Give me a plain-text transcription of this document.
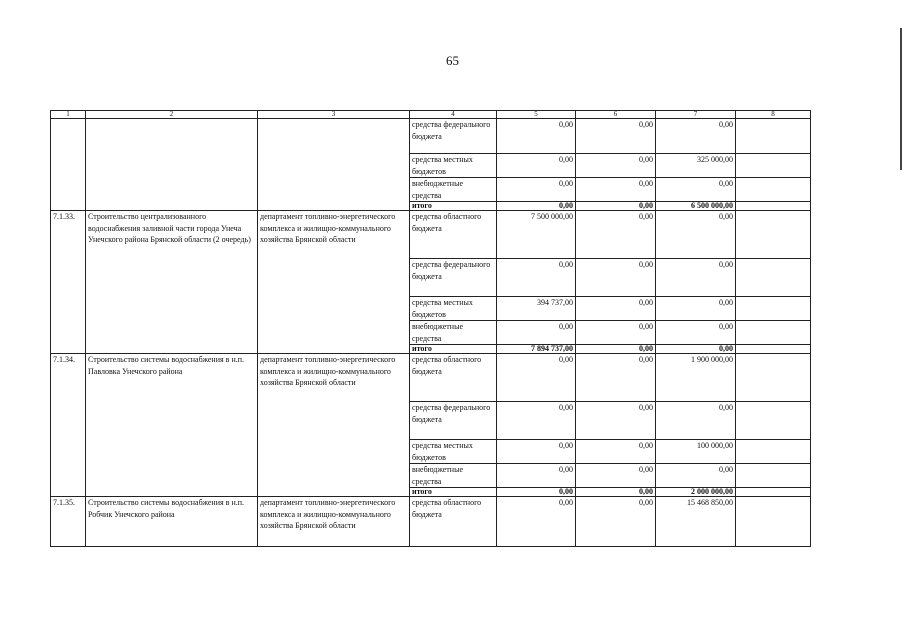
65
1	2	3	4	5	6	7	8
			средства федерального бюджета	0,00	0,00	0,00	
			средства местных бюджетов	0,00	0,00	325 000,00	
			внебюджетные средства	0,00	0,00	0,00	
			итого	0,00	0,00	6 500 000,00	
7.1.33.	Строительство централизованного водоснабжения заливной части города Унеча Унечского района Брянской области (2 очередь)	департамент топливно-энергетического комплекса и жилищно-коммунального хозяйства Брянской области	средства областного бюджета	7 500 000,00	0,00	0,00	
			средства федерального бюджета	0,00	0,00	0,00	
			средства местных бюджетов	394 737,00	0,00	0,00	
			внебюджетные средства	0,00	0,00	0,00	
			итого	7 894 737,00	0,00	0,00	
7.1.34.	Строительство системы водоснабжения в н.п. Павловка Унечского района	департамент топливно-энергетического комплекса и жилищно-коммунального хозяйства Брянской области	средства областного бюджета	0,00	0,00	1 900 000,00	
			средства федерального бюджета	0,00	0,00	0,00	
			средства местных бюджетов	0,00	0,00	100 000,00	
			внебюджетные средства	0,00	0,00	0,00	
			итого	0,00	0,00	2 000 000,00	
7.1.35.	Строительство системы водоснабжения в н.п. Робчик Унечского района	департамент топливно-энергетического комплекса и жилищно-коммунального хозяйства Брянской области	средства областного бюджета	0,00	0,00	15 468 850,00	
